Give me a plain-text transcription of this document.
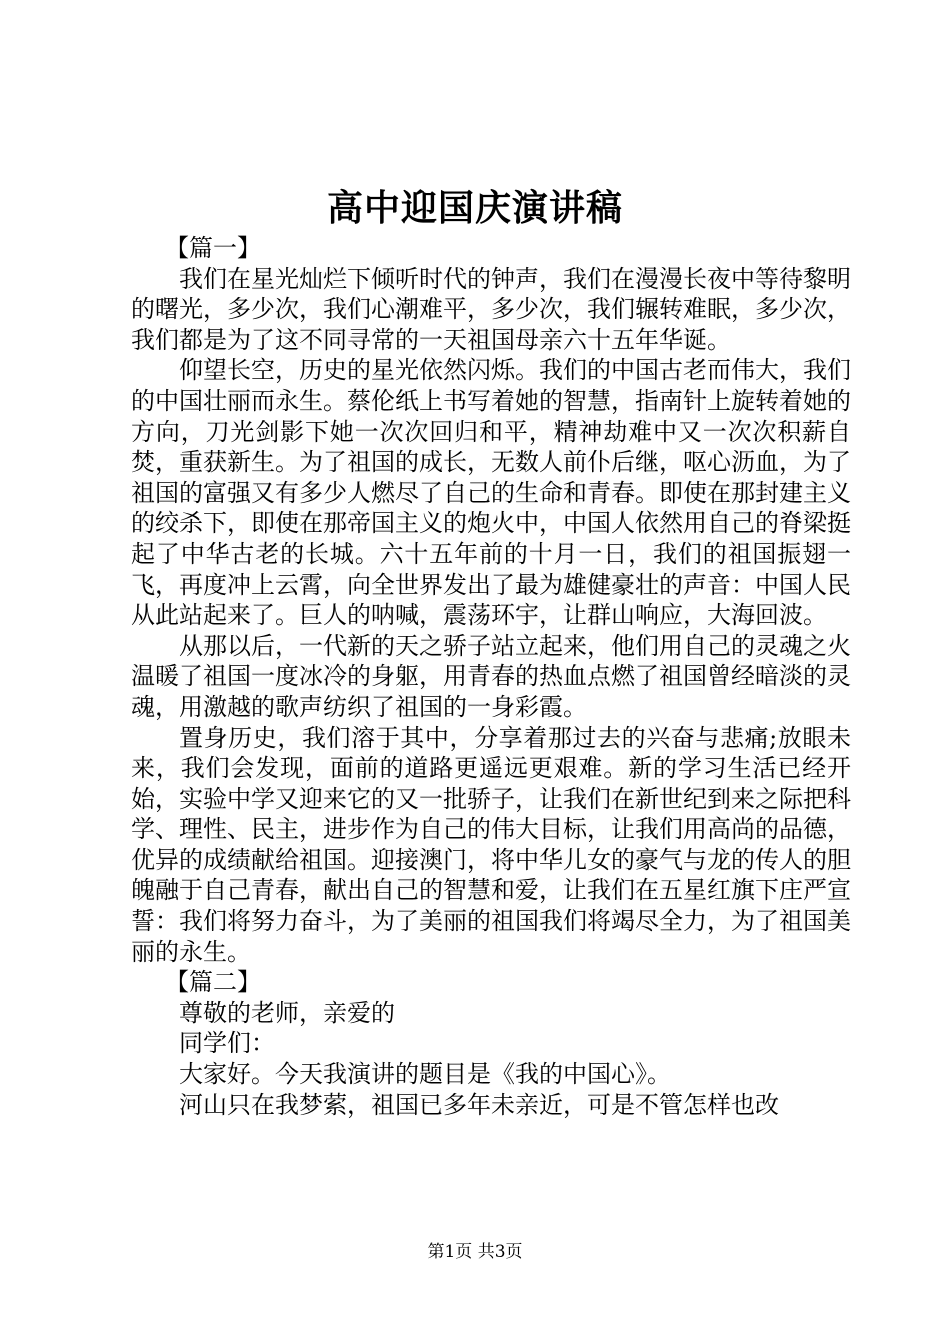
高中迎国庆演讲稿

【篇一】

我们在星光灿烂下倾听时代的钟声，我们在漫漫长夜中等待黎明的曙光，多少次，我们心潮难平，多少次，我们辗转难眠，多少次，我们都是为了这不同寻常的一天祖国母亲六十五年华诞。

仰望长空，历史的星光依然闪烁。我们的中国古老而伟大，我们的中国壮丽而永生。蔡伦纸上书写着她的智慧，指南针上旋转着她的方向，刀光剑影下她一次次回归和平，精神劫难中又一次次积薪自焚，重获新生。为了祖国的成长，无数人前仆后继，呕心沥血，为了祖国的富强又有多少人燃尽了自己的生命和青春。即使在那封建主义的绞杀下，即使在那帝国主义的炮火中，中国人依然用自己的脊梁挺起了中华古老的长城。六十五年前的十月一日，我们的祖国振翅一飞，再度冲上云霄，向全世界发出了最为雄健豪壮的声音：中国人民从此站起来了。巨人的呐喊，震荡环宇，让群山响应，大海回波。

从那以后，一代新的天之骄子站立起来，他们用自己的灵魂之火温暖了祖国一度冰冷的身躯，用青春的热血点燃了祖国曾经暗淡的灵魂，用激越的歌声纺织了祖国的一身彩霞。

置身历史，我们溶于其中，分享着那过去的兴奋与悲痛;放眼未来，我们会发现，面前的道路更遥远更艰难。新的学习生活已经开始，实验中学又迎来它的又一批骄子，让我们在新世纪到来之际把科学、理性、民主，进步作为自己的伟大目标，让我们用高尚的品德，优异的成绩献给祖国。迎接澳门，将中华儿女的豪气与龙的传人的胆魄融于自己青春，献出自己的智慧和爱，让我们在五星红旗下庄严宣誓：我们将努力奋斗，为了美丽的祖国我们将竭尽全力，为了祖国美丽的永生。

【篇二】

尊敬的老师，亲爱的

同学们：

大家好。今天我演讲的题目是《我的中国心》。

河山只在我梦萦，祖国已多年未亲近，可是不管怎样也改

第1页 共3页
